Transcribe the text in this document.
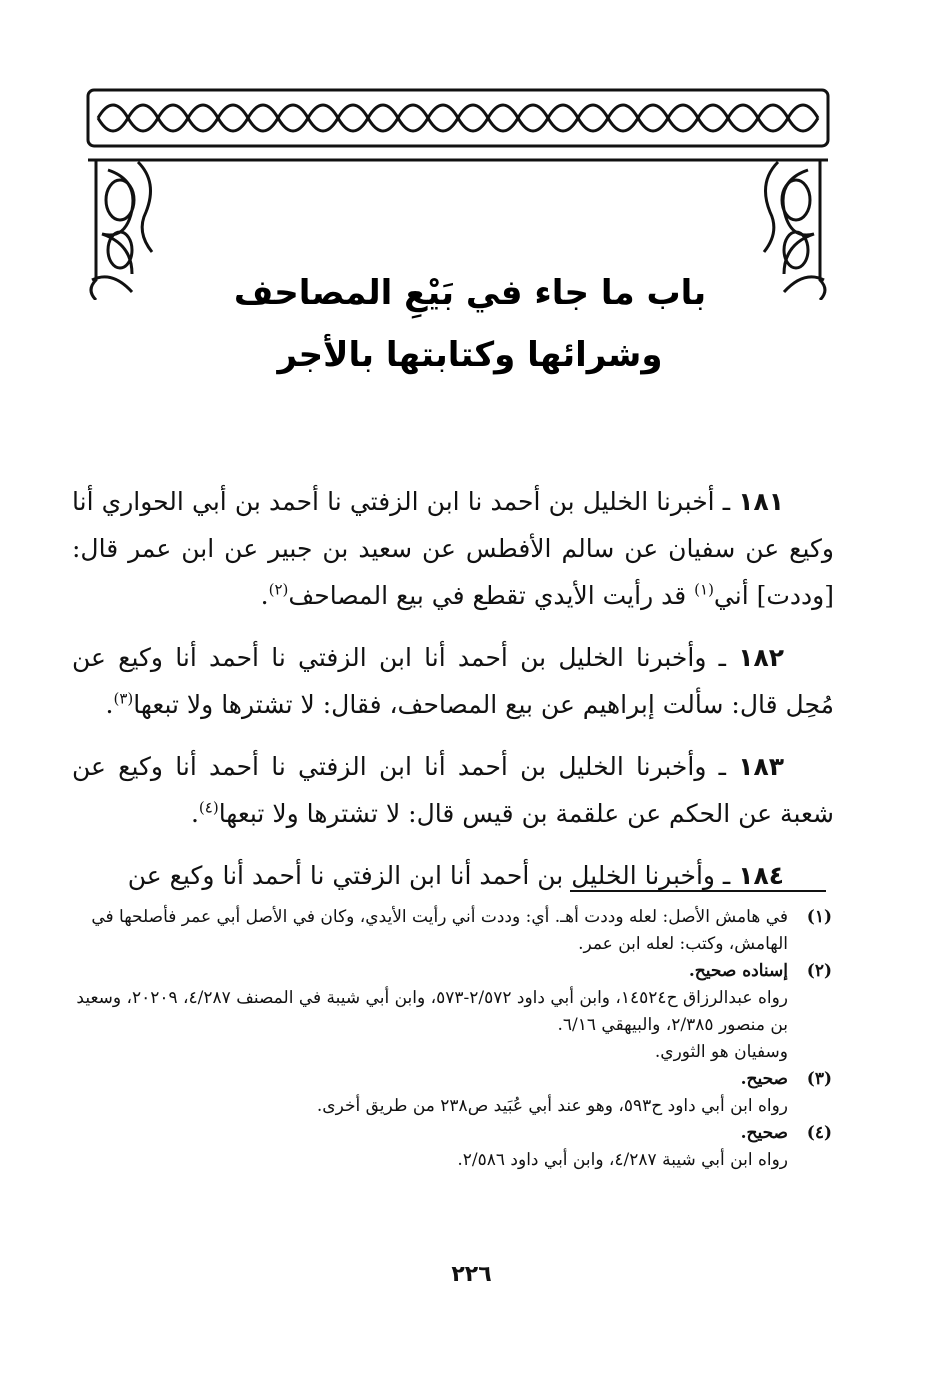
باب ما جاء في بَيْعِ المصاحف
وشرائها وكتابتها بالأجر

١٨١ ـ أخبرنا الخليل بن أحمد نا ابن الزفتي نا أحمد بن أبي الحواري أنا وكيع عن سفيان عن سالم الأفطس عن سعيد بن جبير عن ابن عمر قال: [وددت] أني$^{(١)}$ قد رأيت الأيدي تقطع في بيع المصاحف$^{(٢)}$.

١٨٢ ـ وأخبرنا الخليل بن أحمد أنا ابن الزفتي نا أحمد أنا وكيع عن مُحِل قال: سألت إبراهيم عن بيع المصاحف، فقال: لا تشترها ولا تبعها$^{(٣)}$.

١٨٣ ـ وأخبرنا الخليل بن أحمد أنا ابن الزفتي نا أحمد أنا وكيع عن شعبة عن الحكم عن علقمة بن قيس قال: لا تشترها ولا تبعها$^{(٤)}$.

١٨٤ ـ وأخبرنا الخليل بن أحمد أنا ابن الزفتي نا أحمد أنا وكيع عن

(١)
في هامش الأصل: لعله وددت أهـ. أي: وددت أني رأيت الأيدي، وكان في الأصل أبي عمر فأصلحها في الهامش، وكتب: لعله ابن عمر.
(٢)
إسناده صحيح.
رواه عبدالرزاق ح١٤٥٢٤، وابن أبي داود ٢/٥٧٢-٥٧٣، وابن أبي شيبة في المصنف ٤/٢٨٧، ٢٠٢٠٩، وسعيد بن منصور ٢/٣٨٥، والبيهقي ٦/١٦.
وسفيان هو الثوري.
(٣)
صحيح.
رواه ابن أبي داود ح٥٩٣، وهو عند أبي عُبَيد ص٢٣٨ من طريق أخرى.
(٤)
صحيح.
رواه ابن أبي شيبة ٤/٢٨٧، وابن أبي داود ٢/٥٨٦.
٢٢٦
